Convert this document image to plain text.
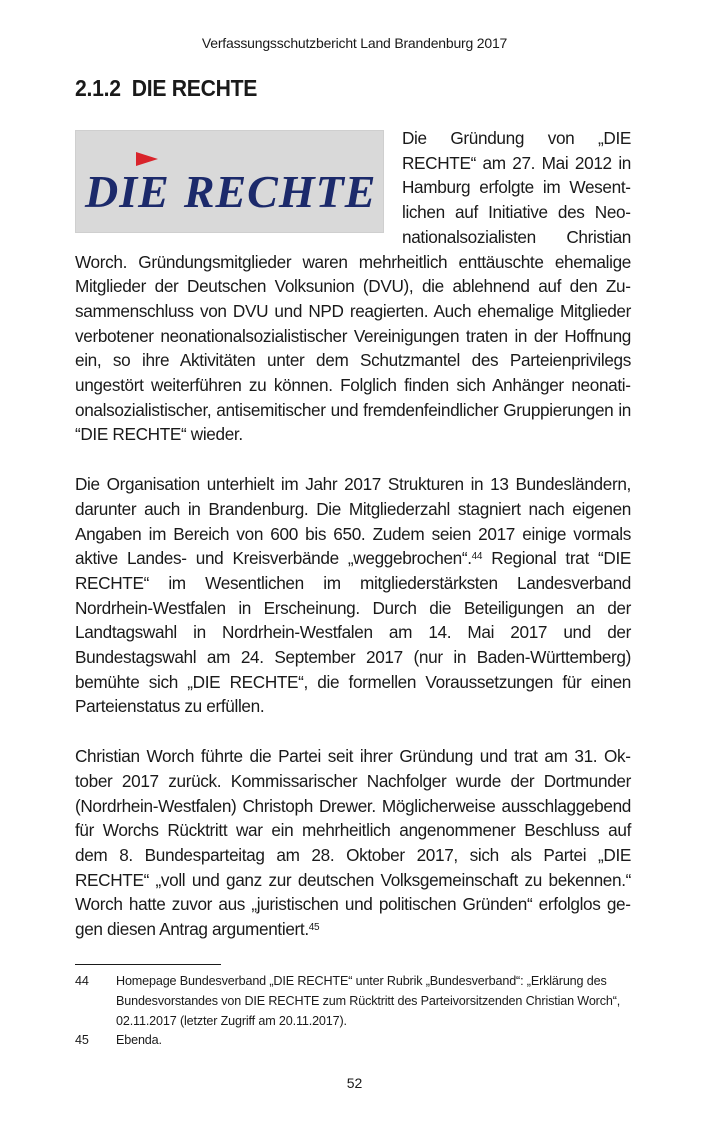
Verfassungsschutzbericht Land Brandenburg 2017
2.1.2 DIE RECHTE
DIE RECHTE

Die Gründung von „DIE RECHTE“ am 27. Mai 2012 in Hamburg erfolgte im Wesentlichen auf Initiative des Neonationalsozialisten Christian Worch. Gründungsmitglieder waren mehrheitlich enttäuschte ehemalige Mitglieder der Deutschen Volksunion (DVU), die ablehnend auf den Zusammenschluss von DVU und NPD reagierten. Auch ehemalige Mitglieder verbotener neonationalsozialistischer Vereinigungen traten in der Hoffnung ein, so ihre Aktivitäten unter dem Schutzmantel des Parteienprivilegs ungestört weiterführen zu können. Folglich finden sich Anhänger neonationalsozialistischer, antisemitischer und fremdenfeindlicher Gruppierungen in “DIE RECHTE“ wieder.

Die Organisation unterhielt im Jahr 2017 Strukturen in 13 Bundesländern, darunter auch in Brandenburg. Die Mitgliederzahl stagniert nach eigenen Angaben im Bereich von 600 bis 650. Zudem seien 2017 einige vormals aktive Landes- und Kreisverbände „weggebrochen“.$^{44}$ Regional trat “DIE RECHTE“ im Wesentlichen im mitgliederstärksten Landesverband Nordrhein-Westfalen in Erscheinung. Durch die Beteiligungen an der Landtagswahl in Nordrhein-Westfalen am 14. Mai 2017 und der Bundestagswahl am 24. September 2017 (nur in Baden-Württemberg) bemühte sich „DIE RECHTE“, die formellen Voraussetzungen für einen Parteienstatus zu erfüllen.

Christian Worch führte die Partei seit ihrer Gründung und trat am 31. Oktober 2017 zurück. Kommissarischer Nachfolger wurde der Dortmunder (Nordrhein-Westfalen) Christoph Drewer. Möglicherweise ausschlaggebend für Worchs Rücktritt war ein mehrheitlich angenommener Beschluss auf dem 8. Bundesparteitag am 28. Oktober 2017, sich als Partei „DIE RECHTE“ „voll und ganz zur deutschen Volksgemeinschaft zu bekennen.“ Worch hatte zuvor aus „juristischen und politischen Gründen“ erfolglos gegen diesen Antrag argumentiert.$^{45}$

44	Homepage Bundesverband „DIE RECHTE“ unter Rubrik „Bundesverband“: „Erklärung des Bundesvorstandes von DIE RECHTE zum Rücktritt des Parteivorsitzenden Christian Worch“, 02.11.2017 (letzter Zugriff am 20.11.2017).
45	Ebenda.
52
